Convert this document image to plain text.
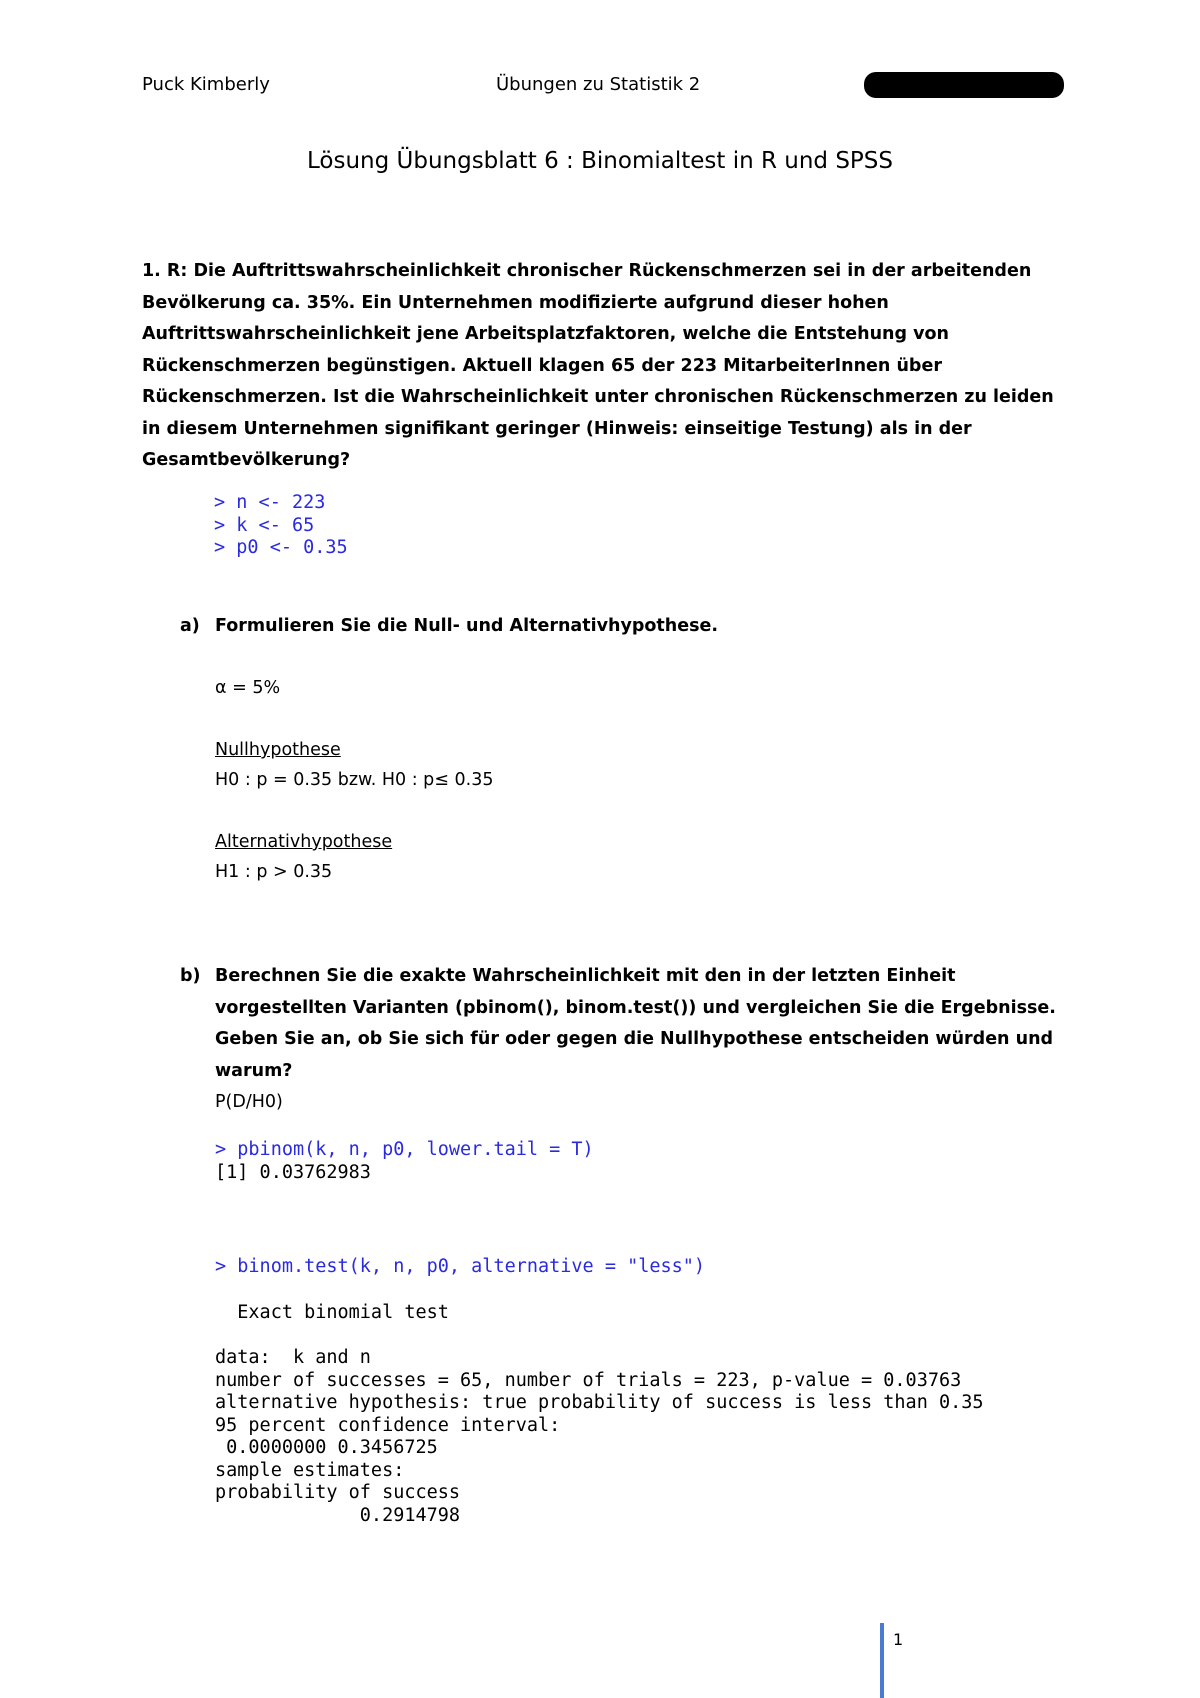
Puck Kimberly	Übungen zu Statistik 2
Lösung Übungsblatt 6 : Binomialtest in R und SPSS

1. R: Die Auftrittswahrscheinlichkeit chronischer Rückenschmerzen sei in der arbeitenden Bevölkerung ca. 35%. Ein Unternehmen modifizierte aufgrund dieser hohen Auftrittswahrscheinlichkeit jene Arbeitsplatzfaktoren, welche die Entstehung von Rückenschmerzen begünstigen. Aktuell klagen 65 der 223 MitarbeiterInnen über Rückenschmerzen. Ist die Wahrscheinlichkeit unter chronischen Rückenschmerzen zu leiden in diesem Unternehmen signifikant geringer (Hinweis: einseitige Testung) als in der Gesamtbevölkerung?

> n <- 223
> k <- 65
> p0 <- 0.35
a) Formulieren Sie die Null- und Alternativhypothese.
α = 5%
Nullhypothese
H0 : p = 0.35 bzw. H0 : p≤ 0.35
Alternativhypothese
H1 : p > 0.35
b) Berechnen Sie die exakte Wahrscheinlichkeit mit den in der letzten Einheit vorgestellten Varianten (pbinom(), binom.test()) und vergleichen Sie die Ergebnisse. Geben Sie an, ob Sie sich für oder gegen die Nullhypothese entscheiden würden und warum?
P(D/H0)
> pbinom(k, n, p0, lower.tail = T)
[1] 0.03762983
> binom.test(k, n, p0, alternative = "less")
Exact binomial test

data:  k and n
number of successes = 65, number of trials = 223, p-value = 0.03763
alternative hypothesis: true probability of success is less than 0.35
95 percent confidence interval:
0.0000000 0.3456725
sample estimates:
probability of success
0.2914798
1
